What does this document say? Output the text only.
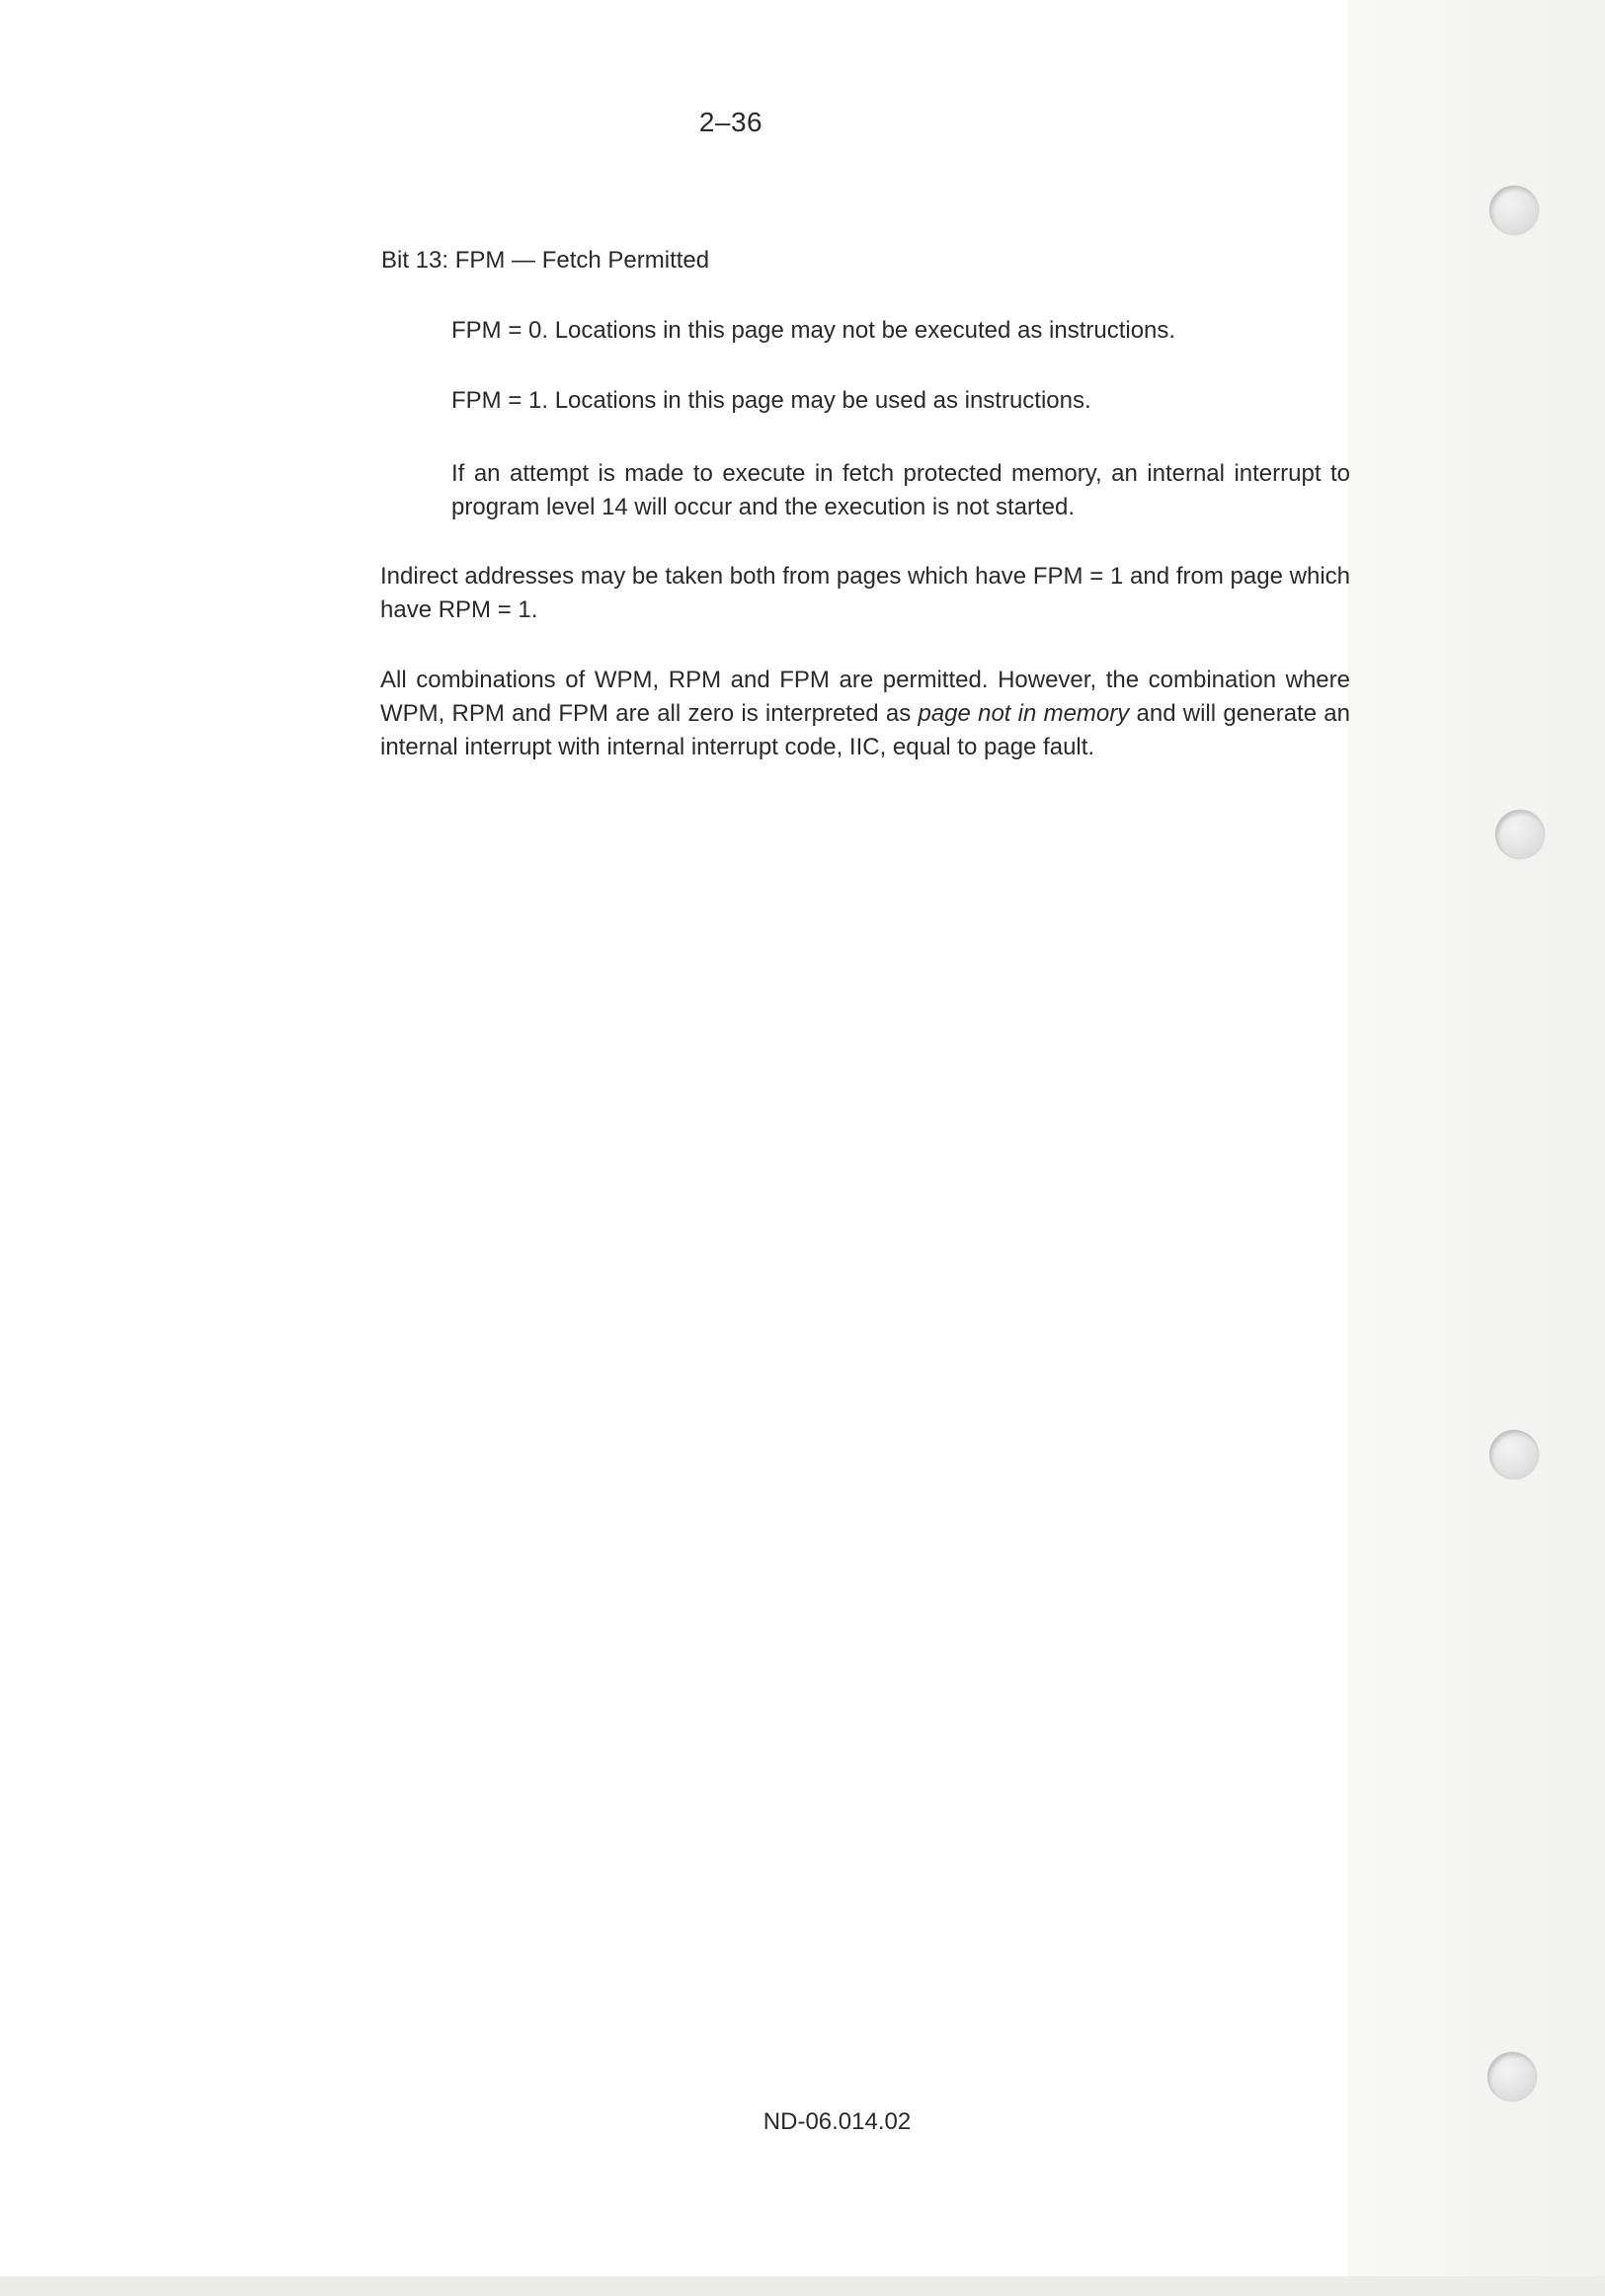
2–36
Bit 13: FPM — Fetch Permitted
FPM = 0. Locations in this page may not be executed as instructions.
FPM = 1. Locations in this page may be used as instructions.
If an attempt is made to execute in fetch protected memory, an internal interrupt to program level 14 will occur and the execution is not started.
Indirect addresses may be taken both from pages which have FPM = 1 and from page which have RPM = 1.
All combinations of WPM, RPM and FPM are permitted. However, the combination where WPM, RPM and FPM are all zero is interpreted as page not in memory and will generate an internal interrupt with internal interrupt code, IIC, equal to page fault.
ND-06.014.02
